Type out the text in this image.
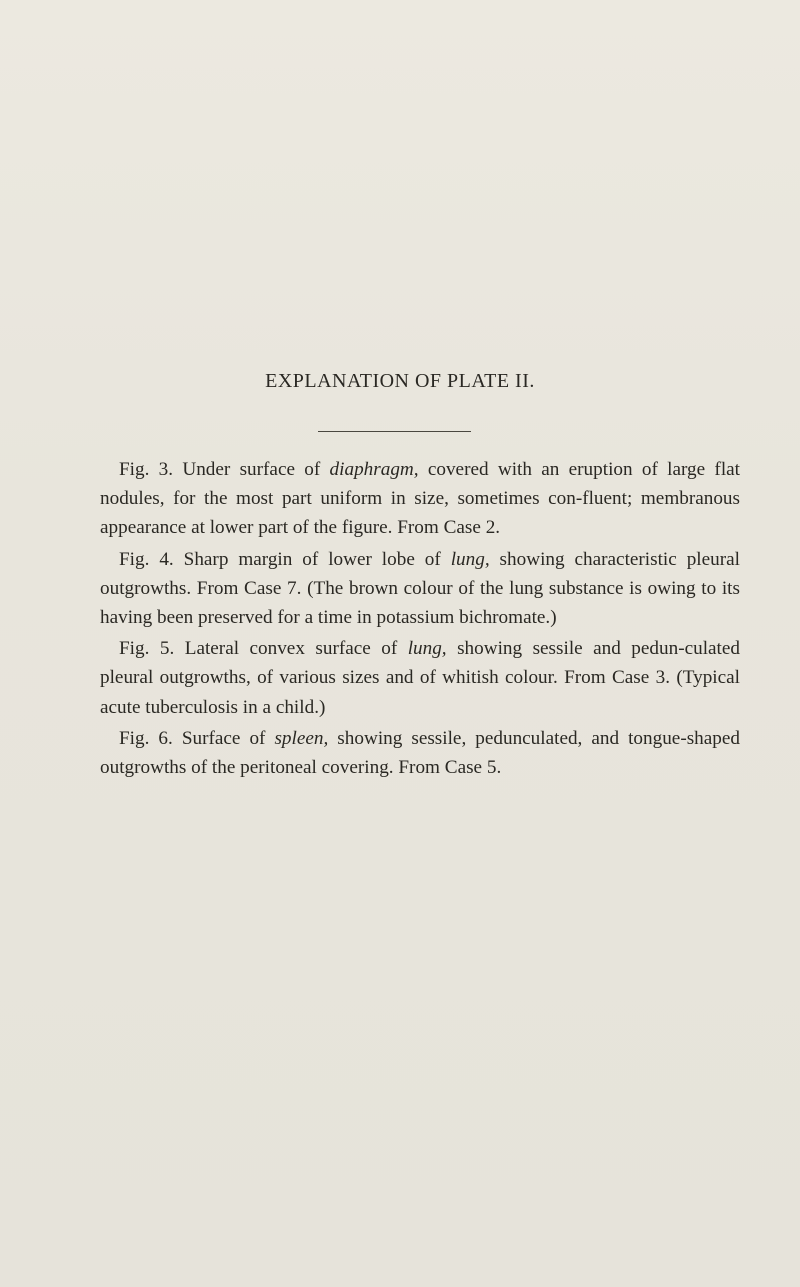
EXPLANATION OF PLATE II.

Fig. 3. Under surface of diaphragm, covered with an eruption of large flat nodules, for the most part uniform in size, sometimes con-fluent; membranous appearance at lower part of the figure. From Case 2.

Fig. 4. Sharp margin of lower lobe of lung, showing characteristic pleural outgrowths. From Case 7. (The brown colour of the lung substance is owing to its having been preserved for a time in potassium bichromate.)

Fig. 5. Lateral convex surface of lung, showing sessile and pedun-culated pleural outgrowths, of various sizes and of whitish colour. From Case 3. (Typical acute tuberculosis in a child.)

Fig. 6. Surface of spleen, showing sessile, pedunculated, and tongue-shaped outgrowths of the peritoneal covering. From Case 5.
